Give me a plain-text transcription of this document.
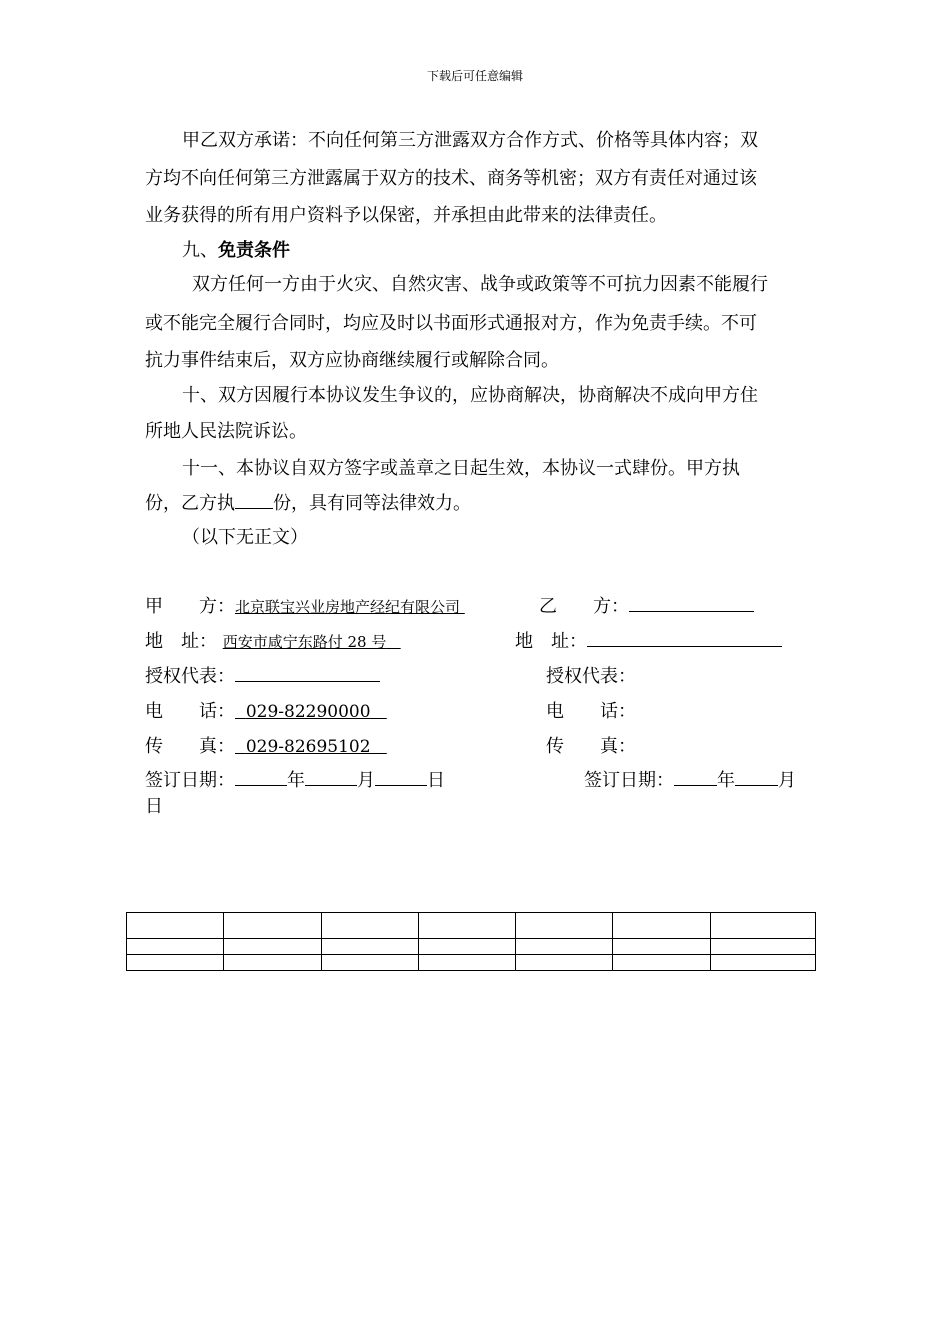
下载后可任意编辑
甲乙双方承诺：不向任何第三方泄露双方合作方式、价格等具体内容；双
方均不向任何第三方泄露属于双方的技术、商务等机密；双方有责任对通过该
业务获得的所有用户资料予以保密，并承担由此带来的法律责任。
九、免责条件
双方任何一方由于火灾、自然灾害、战争或政策等不可抗力因素不能履行
或不能完全履行合同时，均应及时以书面形式通报对方，作为免责手续。不可
抗力事件结束后，双方应协商继续履行或解除合同。
十、双方因履行本协议发生争议的，应协商解决，协商解决不成向甲方住
所地人民法院诉讼。
十一、本协议自双方签字或盖章之日起生效，本协议一式肆份。甲方执
份，乙方执 份，具有同等法律效力。
（以下无正文）
甲　　方：北京联宝兴业房地产经纪有限公司
地　址： 西安市咸宁东路付 28 号
授权代表：
电　　话： 029-82290000
传　　真： 029-82695102
签订日期：	年	月	日
乙　　方：
地　址：
授权代表：
电　　话：
传　　真：
签订日期： 年 月
日
